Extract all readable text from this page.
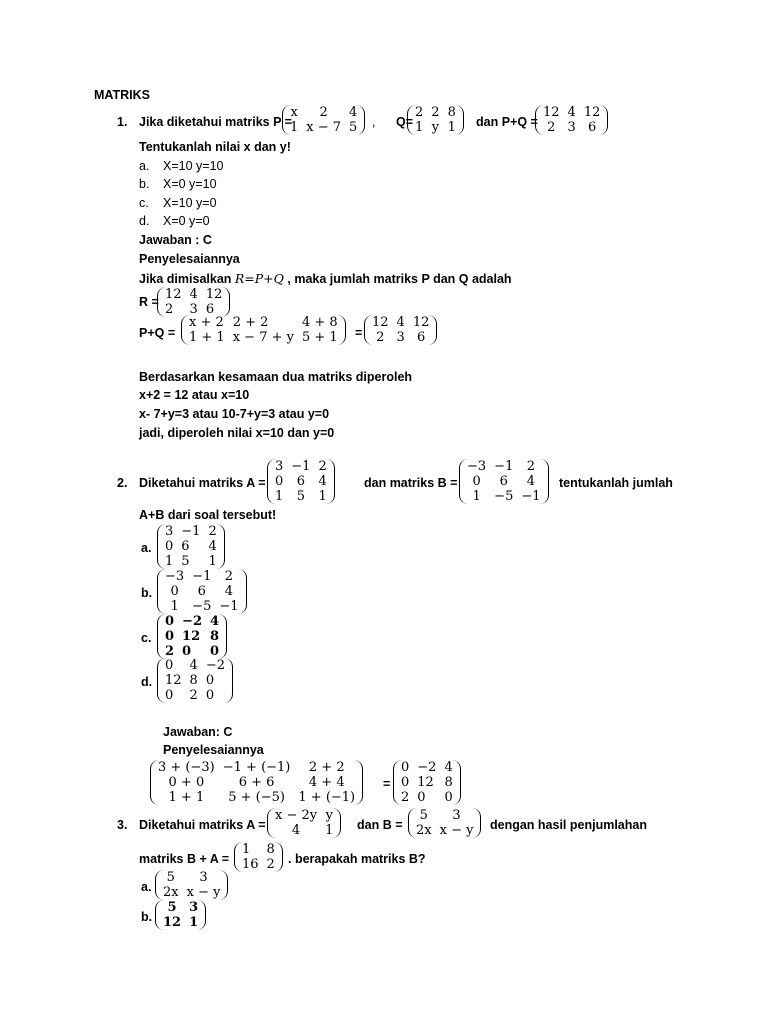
MATRIKS
1. Jika diketahui matriks P =
x	2	4
1	x − 7	5 , Q=
2	2	8
1	y	1 dan P+Q =
12	4	12
2	3	6
Tentukanlah nilai x dan y!
a. X=10 y=10
b. X=0 y=10
c. X=10 y=0
d. X=0 y=0
Jawaban : C
Penyelesaiannya
Jika dimisalkan R=P+Q , maka jumlah matriks P dan Q adalah
R = 12	4	12
2	3	6
P+Q =
x + 2	2 + 2	4 + 8
1 + 1	x − 7 + y	5 + 1 =
12	4	12
2	3	6
Berdasarkan kesamaan dua matriks diperoleh
x+2 = 12 atau x=10
x- 7+y=3 atau 10-7+y=3 atau y=0
jadi, diperoleh nilai x=10 dan y=0
2. Diketahui matriks A =
3	−1	2
0	6	4
1	5	1
dan matriks B =
−3	−1	2
0	6	4
1	−5	−1
tentukanlah jumlah
A+B dari soal tersebut!
a.
3	−1	2
0	6	4
1	5	1
b.
−3	−1	2
0	6	4
1	−5	−1
c.
0	−2	4
0	12	8
2	0	0
d.
0	4	−2
12	8	0
0	2	0
Jawaban: C
Penyelesaiannya
3 + (−3)	−1 + (−1)	2 + 2
0 + 0	6 + 6	4 + 4
1 + 1	5 + (−5)	1 + (−1)
=
0	−2	4
0	12	8
2	0	0
3. Diketahui matriks A =
x − 2y	y
4	1 dan B =
5	3
2x	x − y dengan hasil penjumlahan
matriks B + A =
1	8
16	2 . berapakah matriks B?
a.
5	3
2x	x − y
b.
5	3
12	1
